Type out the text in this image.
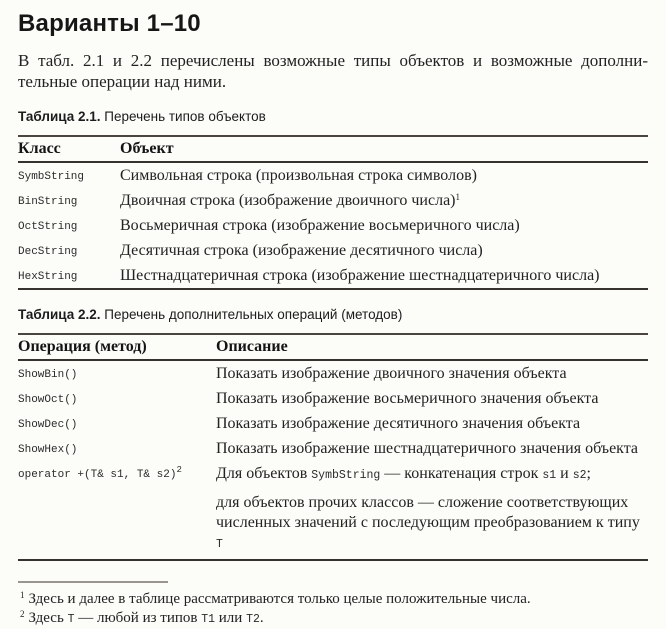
Варианты 1–10

В табл. 2.1 и 2.2 перечислены возможные типы объектов и возможные дополни-
тельные операции над ними.

Таблица 2.1. Перечень типов объектов
Класс	Объект
SymbString	Символьная строка (произвольная строка символов)
BinString	Двоичная строка (изображение двоичного числа)$^1$
OctString	Восьмеричная строка (изображение восьмеричного числа)
DecString	Десятичная строка (изображение десятичного числа)
HexString	Шестнадцатеричная строка (изображение шестнадцатеричного числа)
Таблица 2.2. Перечень дополнительных операций (методов)
Операция (метод)	Описание
ShowBin()	Показать изображение двоичного значения объекта
ShowOct()	Показать изображение восьмеричного значения объекта
ShowDec()	Показать изображение десятичного значения объекта
ShowHex()	Показать изображение шестнадцатеричного значения объекта
operator +(T& s1, T& s2)$^2$	Для объектов SymbString — конкатенация строк s1 и s2;
для объектов прочих классов — сложение соответствующих
численных значений с последующим преобразованием к типу T
$^1$ Здесь и далее в таблице рассматриваются только целые положительные числа.
$^2$ Здесь T — любой из типов T1 или T2.
